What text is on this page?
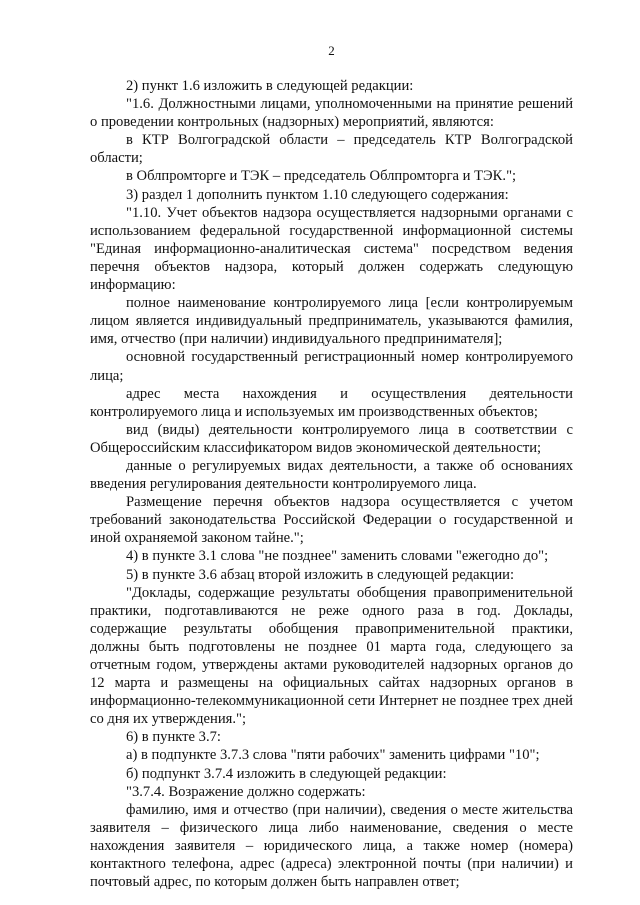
2

2) пункт 1.6 изложить в следующей редакции:

"1.6. Должностными лицами, уполномоченными на принятие решений о проведении контрольных (надзорных) мероприятий, являются:

в КТР Волгоградской области – председатель КТР Волгоградской области;

в Облпромторге и ТЭК – председатель Облпромторга и ТЭК.";

3) раздел 1 дополнить пунктом 1.10 следующего содержания:

"1.10. Учет объектов надзора осуществляется надзорными органами с использованием федеральной государственной информационной системы "Единая информационно-аналитическая система" посредством ведения перечня объектов надзора, который должен содержать следующую информацию:

полное наименование контролируемого лица [если контролируемым лицом является индивидуальный предприниматель, указываются фамилия, имя, отчество (при наличии) индивидуального предпринимателя];

основной государственный регистрационный номер контролируемого лица;

адрес места нахождения и осуществления деятельности контролируемого лица и используемых им производственных объектов;

вид (виды) деятельности контролируемого лица в соответствии с Общероссийским классификатором видов экономической деятельности;

данные о регулируемых видах деятельности, а также об основаниях введения регулирования деятельности контролируемого лица.

Размещение перечня объектов надзора осуществляется с учетом требований законодательства Российской Федерации о государственной и иной охраняемой законом тайне.";

4) в пункте 3.1 слова "не позднее" заменить словами "ежегодно до";

5) в пункте 3.6 абзац второй изложить в следующей редакции:

"Доклады, содержащие результаты обобщения правоприменительной практики, подготавливаются не реже одного раза в год. Доклады, содержащие результаты обобщения правоприменительной практики, должны быть подготовлены не позднее 01 марта года, следующего за отчетным годом, утверждены актами руководителей надзорных органов до 12 марта и размещены на официальных сайтах надзорных органов в информационно-телекоммуникационной сети Интернет не позднее трех дней со дня их утверждения.";

6) в пункте 3.7:

а) в подпункте 3.7.3 слова "пяти рабочих" заменить цифрами "10";

б) подпункт 3.7.4 изложить в следующей редакции:

"3.7.4. Возражение должно содержать:

фамилию, имя и отчество (при наличии), сведения о месте жительства заявителя – физического лица либо наименование, сведения о месте нахождения заявителя – юридического лица, а также номер (номера) контактного телефона, адрес (адреса) электронной почты (при наличии) и почтовый адрес, по которым должен быть направлен ответ;
